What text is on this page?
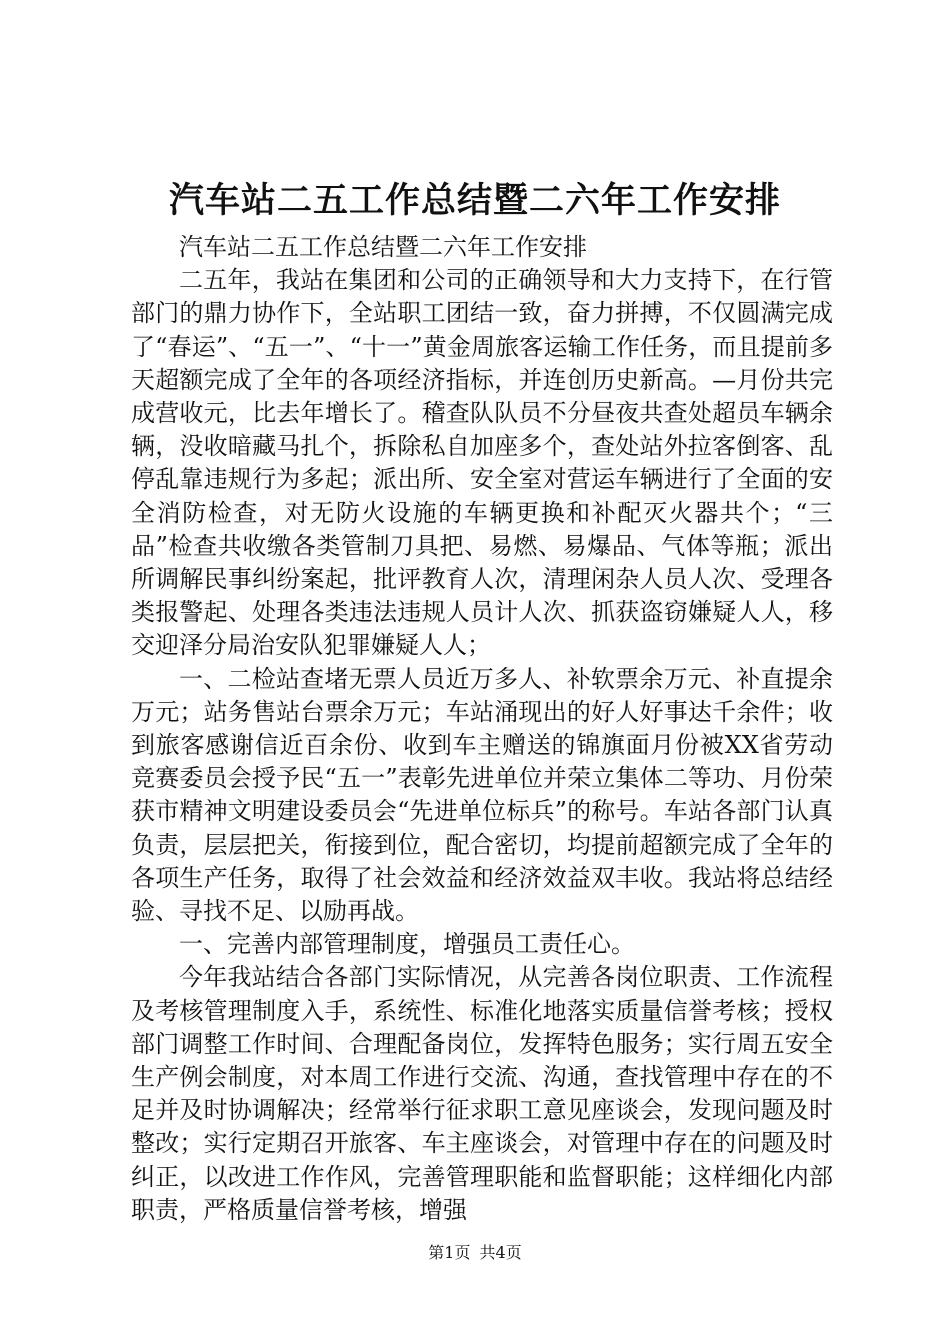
汽车站二五工作总结暨二六年工作安排

汽车站二五工作总结暨二六年工作安排

二五年，我站在集团和公司的正确领导和大力支持下，在行管部门的鼎力协作下，全站职工团结一致，奋力拼搏，不仅圆满完成了“春运”、“五一”、“十一”黄金周旅客运输工作任务，而且提前多天超额完成了全年的各项经济指标，并连创历史新高。—月份共完成营收元，比去年增长了。稽查队队员不分昼夜共查处超员车辆余辆，没收暗藏马扎个，拆除私自加座多个，查处站外拉客倒客、乱停乱靠违规行为多起；派出所、安全室对营运车辆进行了全面的安全消防检查，对无防火设施的车辆更换和补配灭火器共个；“三品”检查共收缴各类管制刀具把、易燃、易爆品、气体等瓶；派出所调解民事纠纷案起，批评教育人次，清理闲杂人员人次、受理各类报警起、处理各类违法违规人员计人次、抓获盗窃嫌疑人人，移交迎泽分局治安队犯罪嫌疑人人；

一、二检站查堵无票人员近万多人、补软票余万元、补直提余万元；站务售站台票余万元；车站涌现出的好人好事达千余件；收到旅客感谢信近百余份、收到车主赠送的锦旗面月份被XX省劳动竞赛委员会授予民“五一”表彰先进单位并荣立集体二等功、月份荣获市精神文明建设委员会“先进单位标兵”的称号。车站各部门认真负责，层层把关，衔接到位，配合密切，均提前超额完成了全年的各项生产任务，取得了社会效益和经济效益双丰收。我站将总结经验、寻找不足、以励再战。

一、完善内部管理制度，增强员工责任心。

今年我站结合各部门实际情况，从完善各岗位职责、工作流程及考核管理制度入手，系统性、标准化地落实质量信誉考核；授权部门调整工作时间、合理配备岗位，发挥特色服务；实行周五安全生产例会制度，对本周工作进行交流、沟通，查找管理中存在的不足并及时协调解决；经常举行征求职工意见座谈会，发现问题及时整改；实行定期召开旅客、车主座谈会，对管理中存在的问题及时纠正，以改进工作作风，完善管理职能和监督职能；这样细化内部职责，严格质量信誉考核，增强

第1页 共4页
